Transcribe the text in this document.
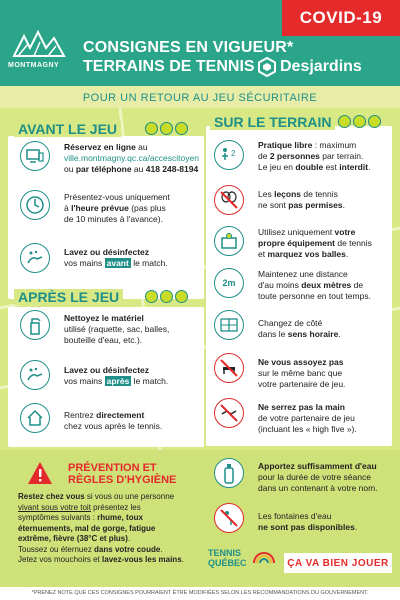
COVID-19
MONTMAGNY
CONSIGNES EN VIGUEUR*
TERRAINS DE TENNIS Desjardins
POUR UN RETOUR AU JEU SÉCURITAIRE
AVANT LE JEU
Réservez en ligne au
ville.montmagny.qc.ca/accescitoyen
ou par téléphone au 418 248-8194
Présentez-vous uniquement
à l'heure prévue (pas plus
de 10 minutes à l'avance).
Lavez ou désinfectez
vos mains avant le match.
APRÈS LE JEU
Nettoyez le matériel
utilisé (raquette, sac, balles,
bouteille d'eau, etc.).
Lavez ou désinfectez
vos mains après le match.
Rentrez directement
chez vous après le tennis.
SUR LE TERRAIN
2
Pratique libre : maximum
de 2 personnes par terrain.
Le jeu en double est interdit.
Les leçons de tennis
ne sont pas permises.
Utilisez uniquement votre
propre équipement de tennis
et marquez vos balles.
2m
Maintenez une distance
d'au moins deux mètres de
toute personne en tout temps.
Changez de côté
dans le sens horaire.
Ne vous assoyez pas
sur le même banc que
votre partenaire de jeu.
Ne serrez pas la main
de votre partenaire de jeu
(incluant les « high five »).
PRÉVENTION ET
RÈGLES D'HYGIÈNE
Restez chez vous si vous ou une personne
vivant sous votre toit présentez les
symptômes suivants : rhume, toux
éternuements, mal de gorge, fatigue
extrême, fièvre (38°C et plus).
Toussez ou éternuez dans votre coude.
Jetez vos mouchoirs et lavez-vous les mains.
Apportez suffisamment d'eau
pour la durée de votre séance
dans un contenant à votre nom.
Les fontaines d'eau
ne sont pas disponibles.
TENNIS
QUÉBEC	ÇA VA BIEN JOUER
*PRENEZ NOTE QUE CES CONSIGNES POURRAIENT ÊTRE MODIFIÉES SELON LES RECOMMANDATIONS DU GOUVERNEMENT.
